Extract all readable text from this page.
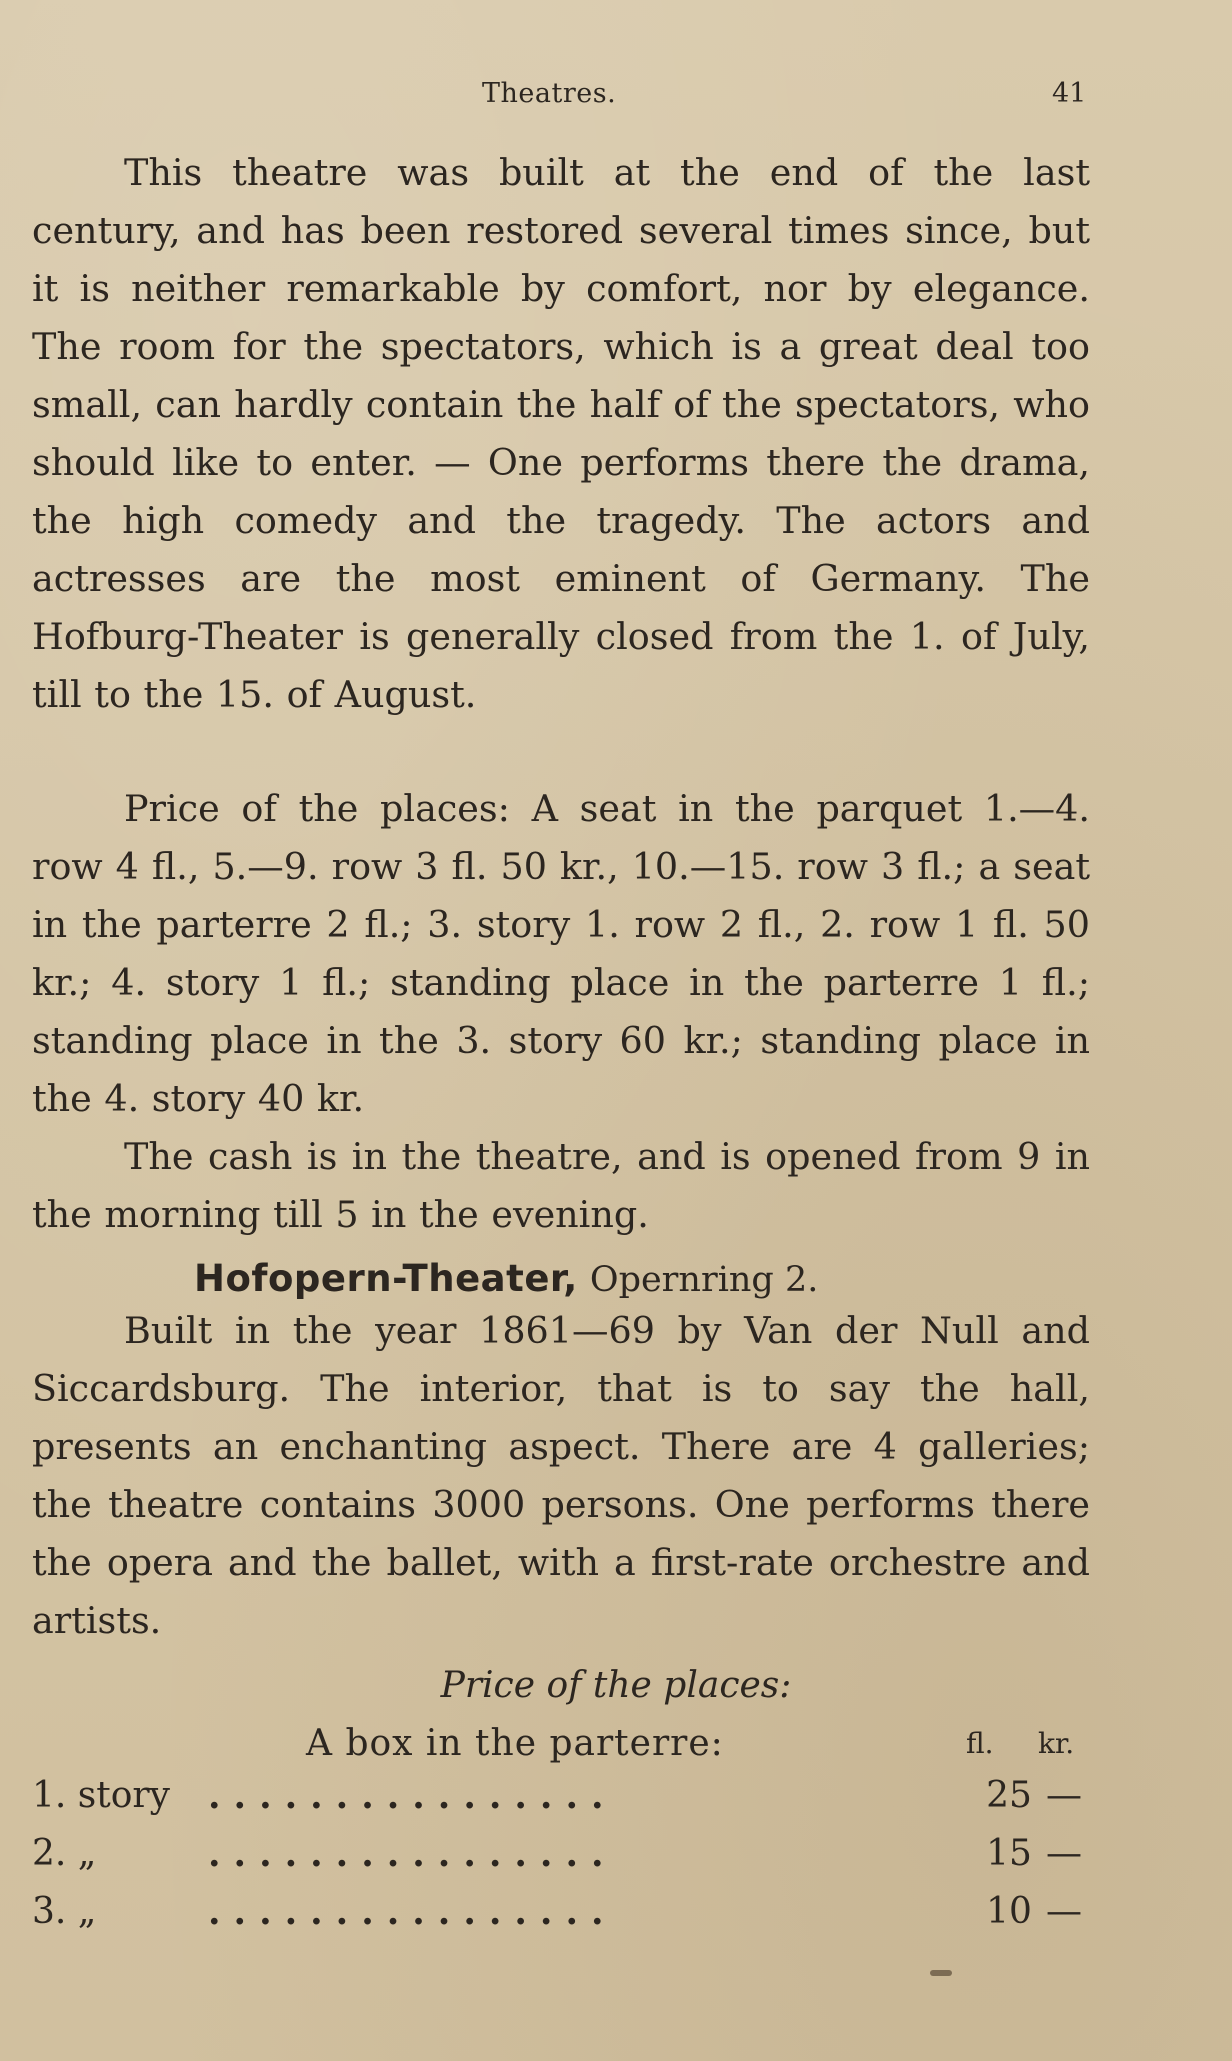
Theatres.	41

This theatre was built at the end of the last century, and has been restored several times since, but it is neither remarkable by comfort, nor by elegance. The room for the spectators, which is a great deal too small, can hardly contain the half of the spectators, who should like to enter. — One performs there the drama, the high comedy and the tragedy. The actors and actresses are the most eminent of Germany. The Hofburg-Theater is generally closed from the 1. of July, till to the 15. of August.

Price of the places: A seat in the parquet 1.—4. row 4 fl., 5.—9. row 3 fl. 50 kr., 10.—15. row 3 fl.; a seat in the parterre 2 fl.; 3. story 1. row 2 fl., 2. row 1 fl. 50 kr.; 4. story 1 fl.; standing place in the parterre 1 fl.; standing place in the 3. story 60 kr.; standing place in the 4. story 40 kr.

The cash is in the theatre, and is opened from 9 in the morning till 5 in the evening.

Hofopern-Theater, Opernring 2.

Built in the year 1861—69 by Van der Null and Siccardsburg. The interior, that is to say the hall, presents an enchanting aspect. There are 4 galleries; the theatre contains 3000 persons. One performs there the opera and the ballet, with a first-rate orchestre and artists.

Price of the places:
A box in the parterre:	fl. kr.
1. story ................	25 —
2. „	................	15 —
3. „	................	10 —
